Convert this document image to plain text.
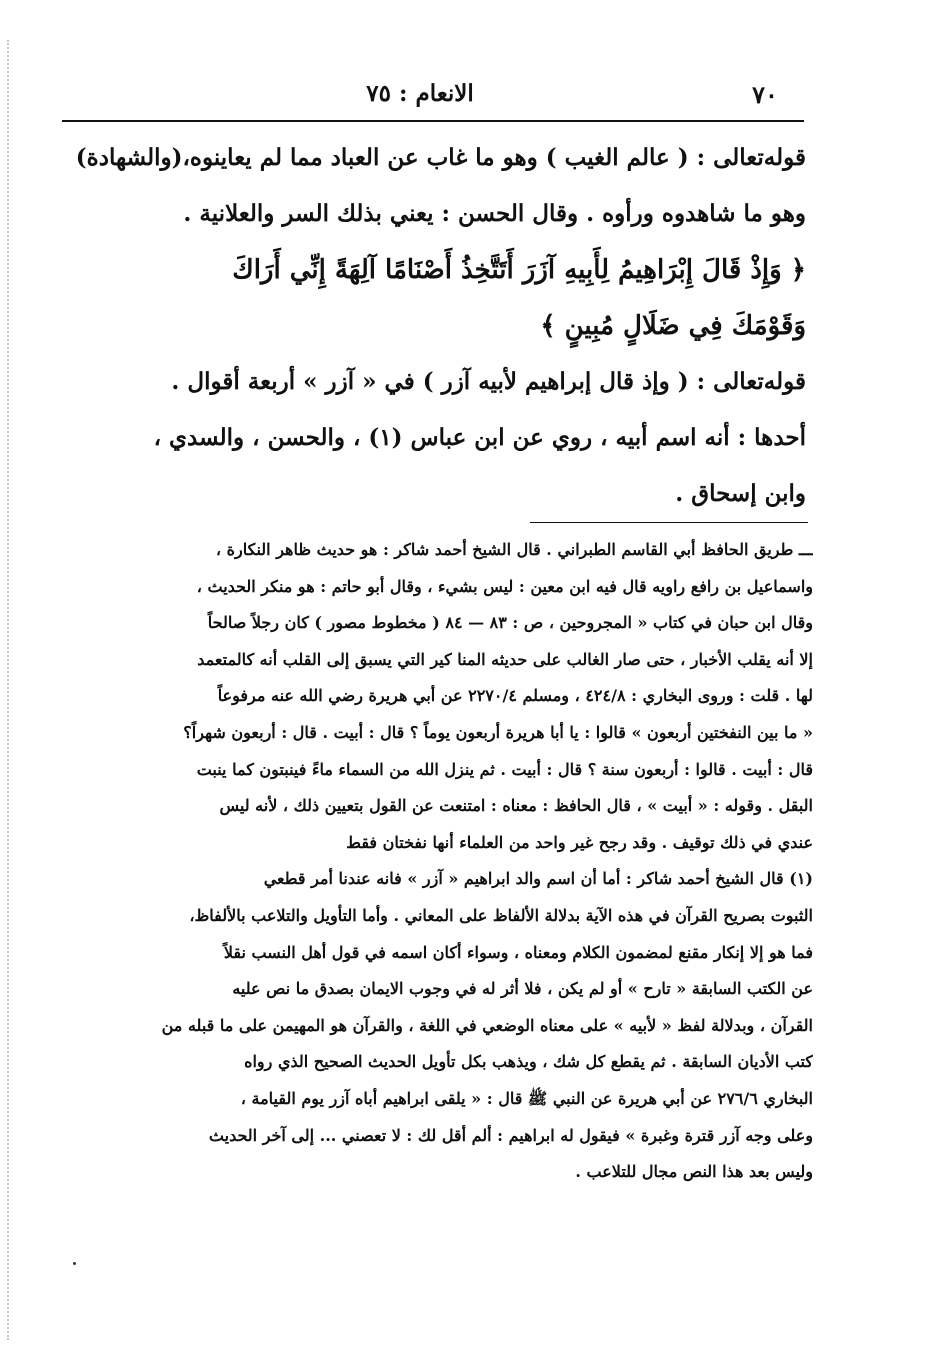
٧٠
الانعام : ٧٥
قوله‌تعالى : ( عالم الغيب ) وهو ما غاب عن العباد مما لم يعاينوه،(والشهادة)
وهو ما شاهدوه ورأوه . وقال الحسن : يعني بذلك السر والعلانية .
﴿ وَإِذْ قَالَ إِبْرَاهِيمُ لِأَبِيهِ آزَرَ أَتَتَّخِذُ أَصْنَامًا آلِهَةً إِنِّي أَرَاكَ
وَقَوْمَكَ فِي ضَلَالٍ مُبِينٍ ﴾
قوله‌تعالى : ( وإذ قال إبراهيم لأبيه آزر ) في « آزر » أربعة أقوال .
أحدها : أنه اسم أبيه ، روي عن ابن عباس (١) ، والحسن ، والسدي ،
وابن إسحاق .
ـــ طريق الحافظ أبي القاسم الطبراني . قال الشيخ أحمد شاكر : هو حديث ظاهر النكارة ،
واسماعيل بن رافع راويه قال فيه ابن معين : ليس بشيء ، وقال أبو حاتم : هو منكر الحديث ،
وقال ابن حبان في كتاب « المجروحين ، ص : ٨٣ — ٨٤ ( مخطوط مصور ) كان رجلاً صالحاً
إلا أنه يقلب الأخبار ، حتى صار الغالب على حديثه المنا كير التي يسبق إلى القلب أنه كالمتعمد
لها . قلت : وروى البخاري : ٤٢٤/٨ ، ومسلم ٢٢٧٠/٤ عن أبي هريرة رضي الله عنه مرفوعاً
« ما بين النفختين أربعون » قالوا : يا أبا هريرة أربعون يوماً ؟ قال : أبيت . قال : أربعون شهراً؟
قال : أبيت . قالوا : أربعون سنة ؟ قال : أبيت . ثم ينزل الله من السماء ماءً فينبتون كما ينبت
البقل . وقوله : « أبيت » ، قال الحافظ : معناه : امتنعت عن القول بتعيين ذلك ، لأنه ليس
عندي في ذلك توقيف . وقد رجح غير واحد من العلماء أنها نفختان فقط
(١) قال الشيخ أحمد شاكر : أما أن اسم والد ابراهيم « آزر » فانه عندنا أمر قطعي
الثبوت بصريح القرآن في هذه الآية بدلالة الألفاظ على المعاني . وأما التأويل والتلاعب بالألفاظ،
فما هو إلا إنكار مقنع لمضمون الكلام ومعناه ، وسواء أكان اسمه في قول أهل النسب نقلاً
عن الكتب السابقة « تارح » أو لم يكن ، فلا أثر له في وجوب الايمان بصدق ما نص عليه
القرآن ، وبدلالة لفظ « لأبيه » على معناه الوضعي في اللغة ، والقرآن هو المهيمن على ما قبله من
كتب الأديان السابقة . ثم يقطع كل شك ، ويذهب بكل تأويل الحديث الصحيح الذي رواه
البخاري ٢٧٦/٦ عن أبي هريرة عن النبي ﷺ قال : « يلقى ابراهيم أباه آزر يوم القيامة ،
وعلى وجه آزر قترة وغبرة » فيقول له ابراهيم : ألم أقل لك : لا تعصني ... إلى آخر الحديث
وليس بعد هذا النص مجال للتلاعب .
